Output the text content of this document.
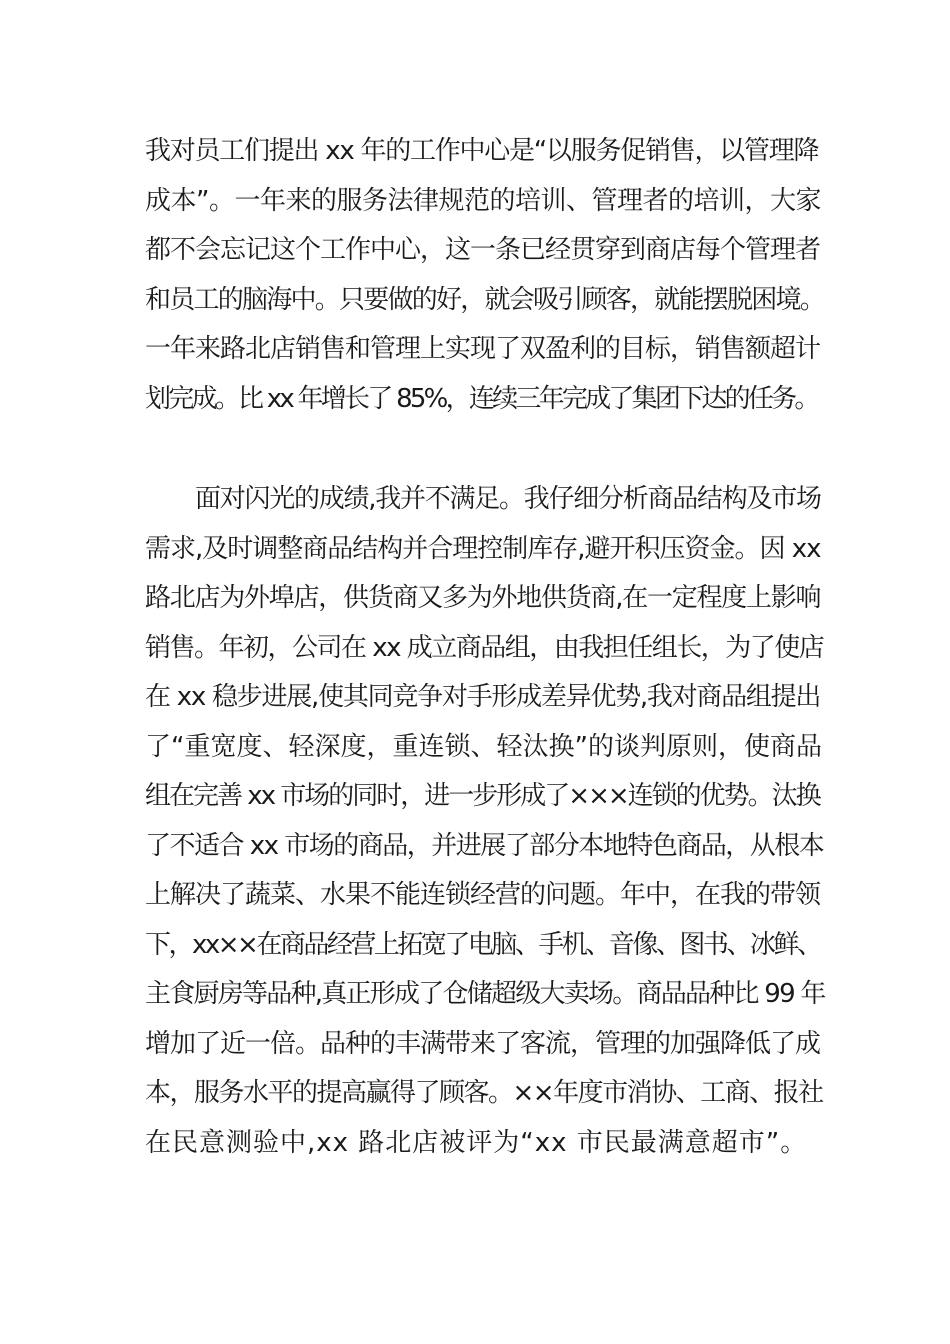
我对员工们提出 xx 年的工作中心是“以服务促销售，以管理降
成本”。一年来的服务法律规范的培训、管理者的培训，大家
都不会忘记这个工作中心，这一条已经贯穿到商店每个管理者
和员工的脑海中。只要做的好，就会吸引顾客，就能摆脱困境。
一年来路北店销售和管理上实现了双盈利的目标，销售额超计
划完成。比 xx 年增长了 85%，连续三年完成了集团下达的任务。
面对闪光的成绩,我并不满足。我仔细分析商品结构及市场
需求,及时调整商品结构并合理控制库存,避开积压资金。因 xx
路北店为外埠店，供货商又多为外地供货商,在一定程度上影响
销售。年初，公司在 xx 成立商品组，由我担任组长，为了使店
在 xx 稳步进展,使其同竞争对手形成差异优势,我对商品组提出
了“重宽度、轻深度，重连锁、轻汰换”的谈判原则，使商品
组在完善 xx 市场的同时，进一步形成了×××连锁的优势。汰换
了不适合 xx 市场的商品，并进展了部分本地特色商品，从根本
上解决了蔬菜、水果不能连锁经营的问题。年中，在我的带领
下，xx××在商品经营上拓宽了电脑、手机、音像、图书、冰鲜、
主食厨房等品种,真正形成了仓储超级大卖场。商品品种比 99 年
增加了近一倍。品种的丰满带来了客流，管理的加强降低了成
本，服务水平的提高赢得了顾客。××年度市消协、工商、报社
在民意测验中,xx 路北店被评为“xx 市民最满意超市”。
